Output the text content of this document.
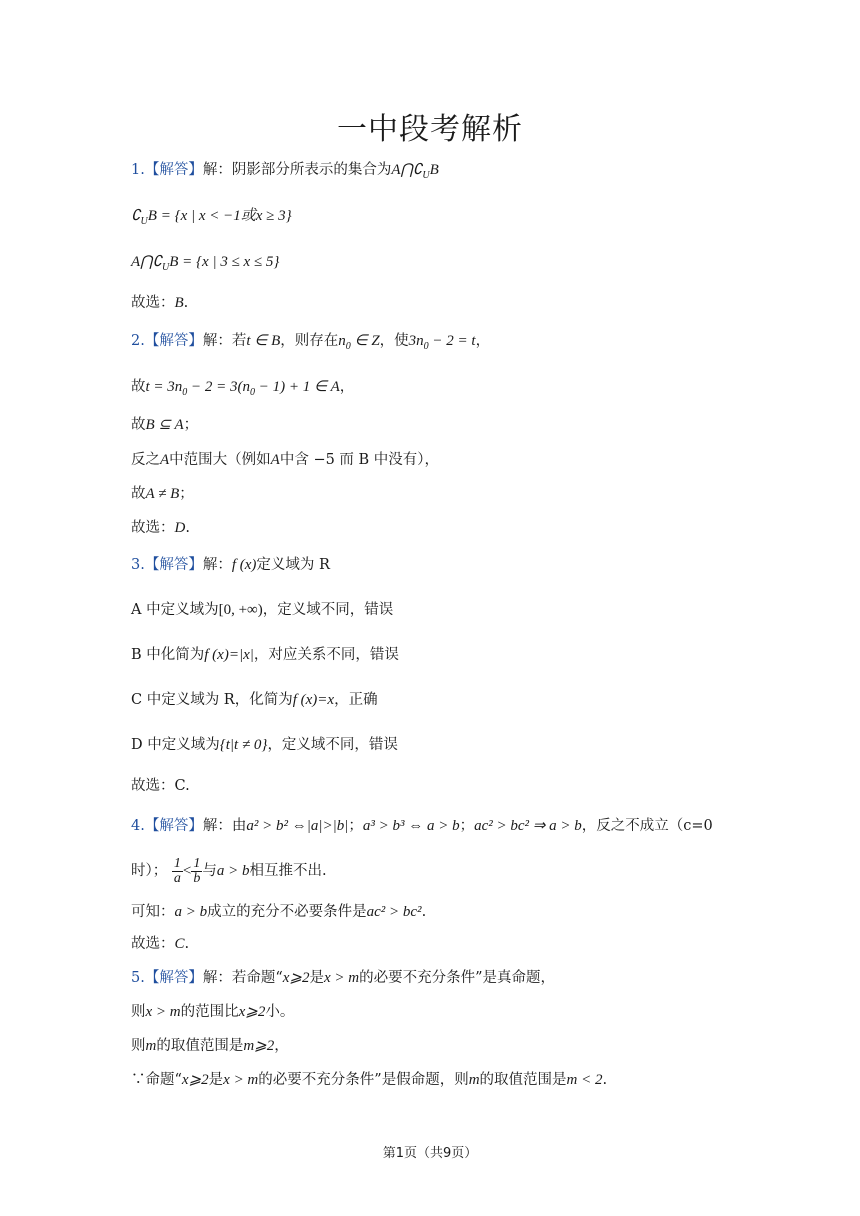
一中段考解析
1.【解答】解：阴影部分所表示的集合为$A⋂∁_UB$
$∁_UB = \{x$ | x < −1或x ≥ 3}
$A⋂∁_UB = \{x$ | 3 ≤ x ≤ 5}
故选：B.
2.【解答】解：若t ∈ B，则存在$n_0$ ∈ Z，使$3n_0 - 2 = t$，
故$t = 3n_0 - 2 = 3(n_0 - 1) + 1$ ∈ A，
故B ⊆ A；
反之A中范围大（例如A中含 −5 而 B 中没有），
故A ≠ B；
故选：D.
3.【解答】解：f (x)定义域为 R
A 中定义域为[0, +∞)，定义域不同，错误
B 中化简为f (x)=|x|，对应关系不同，错误
C 中定义域为 R，化简为f (x)=x，正确
D 中定义域为{t|t ≠ 0}，定义域不同，错误
故选：C.
4.【解答】解：由a² > b² ⇔|a|>|b|；a³ > b³ ⇔ a > b；ac² > bc² ⇒ a > b，反之不成立（c=0
时）； $\frac{1}{a} < \frac{1}{b}$ 与a > b相互推不出.
可知：a > b成立的充分不必要条件是ac² > bc².
故选：C.
5.【解答】解：若命题“x⩾2是x > m的必要不充分条件”是真命题，
则x > m的范围比x⩾2小。
则m的取值范围是m⩾2，
∵命题“x⩾2是x > m的必要不充分条件”是假命题，则m的取值范围是m < 2.
第1页（共9页）
